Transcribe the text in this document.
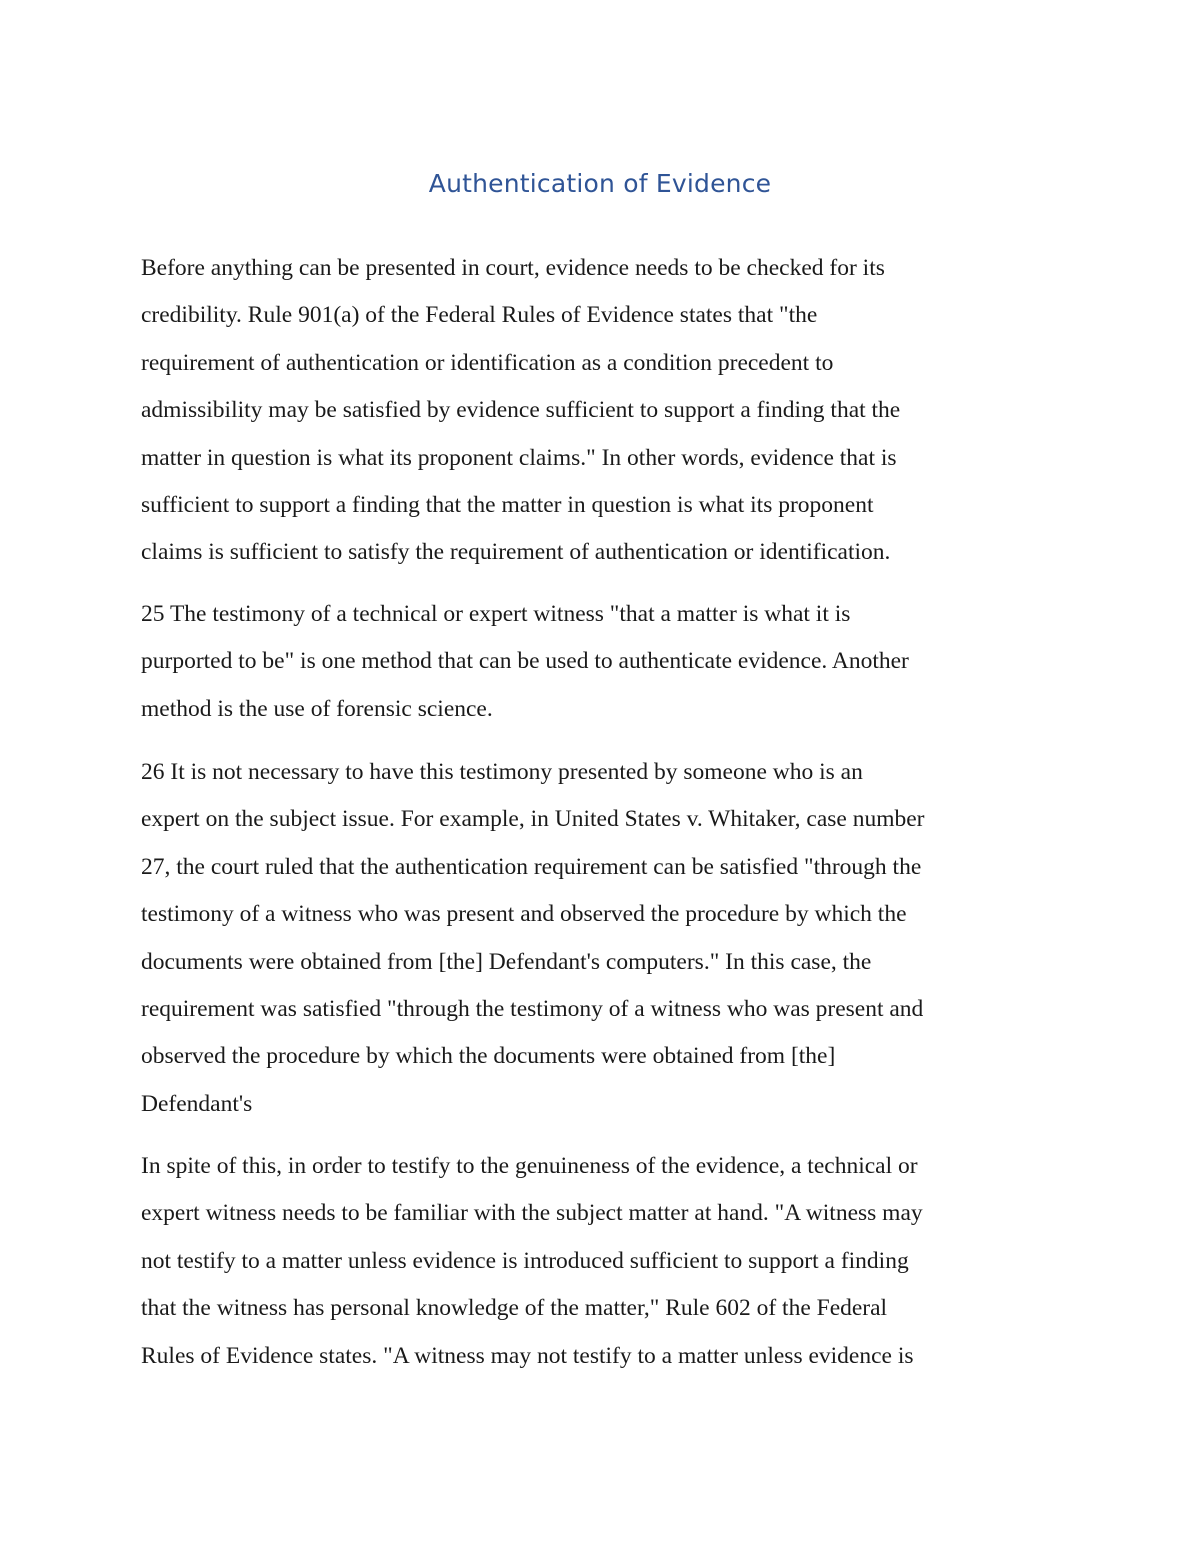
Authentication of Evidence

Before anything can be presented in court, evidence needs to be checked for its
credibility. Rule 901(a) of the Federal Rules of Evidence states that "the
requirement of authentication or identification as a condition precedent to
admissibility may be satisfied by evidence sufficient to support a finding that the
matter in question is what its proponent claims." In other words, evidence that is
sufficient to support a finding that the matter in question is what its proponent
claims is sufficient to satisfy the requirement of authentication or identification.

25 The testimony of a technical or expert witness "that a matter is what it is
purported to be" is one method that can be used to authenticate evidence. Another
method is the use of forensic science.

26 It is not necessary to have this testimony presented by someone who is an
expert on the subject issue. For example, in United States v. Whitaker, case number
27, the court ruled that the authentication requirement can be satisfied "through the
testimony of a witness who was present and observed the procedure by which the
documents were obtained from [the] Defendant's computers." In this case, the
requirement was satisfied "through the testimony of a witness who was present and
observed the procedure by which the documents were obtained from [the]
Defendant's

In spite of this, in order to testify to the genuineness of the evidence, a technical or
expert witness needs to be familiar with the subject matter at hand. "A witness may
not testify to a matter unless evidence is introduced sufficient to support a finding
that the witness has personal knowledge of the matter," Rule 602 of the Federal
Rules of Evidence states. "A witness may not testify to a matter unless evidence is
